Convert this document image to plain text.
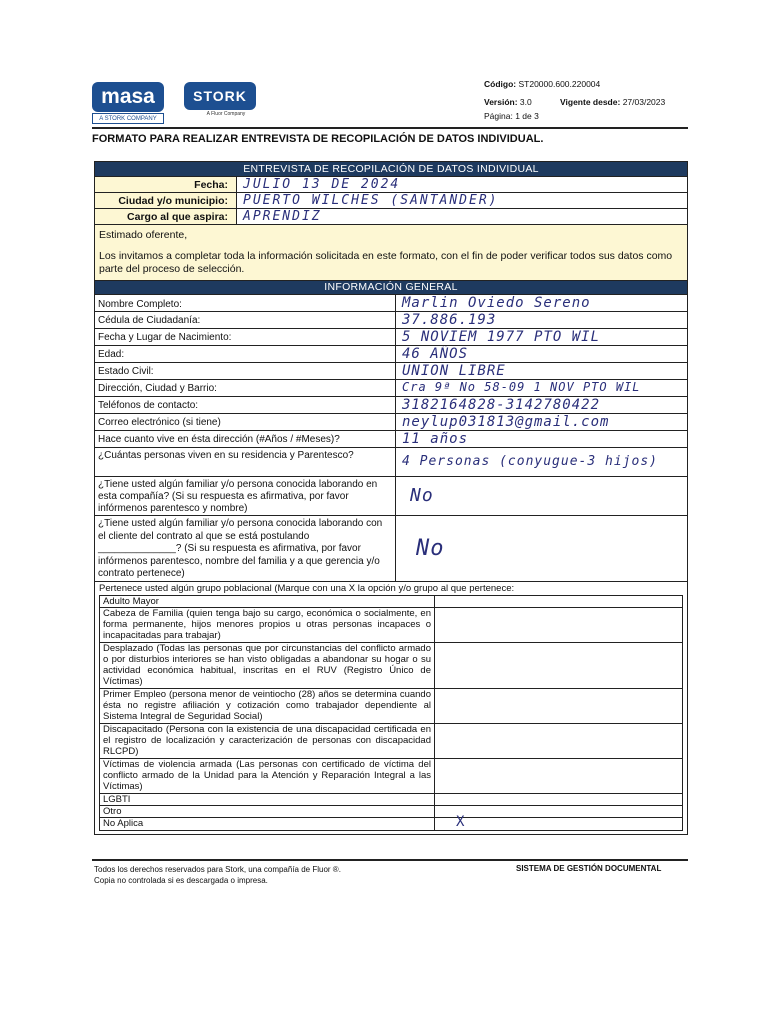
masa
A STORK COMPANY
STORK
A Fluor Company
Código: ST20000.600.220004
Versión: 3.0	Vigente desde: 27/03/2023
Página: 1 de 3
FORMATO PARA REALIZAR ENTREVISTA DE RECOPILACIÓN DE DATOS INDIVIDUAL.
ENTREVISTA DE RECOPILACIÓN DE DATOS INDIVIDUAL
Fecha:	JULIO 13 DE 2024
Ciudad y/o municipio:	PUERTO WILCHES (SANTANDER)
Cargo al que aspira:	APRENDIZ
Estimado oferente,
Los invitamos a completar toda la información solicitada en este formato, con el fin de poder verificar todos sus datos como parte del proceso de selección.
INFORMACIÓN GENERAL
Nombre Completo:	Marlin Oviedo Sereno
Cédula de Ciudadanía:	37.886.193
Fecha y Lugar de Nacimiento:	5 NOVIEM 1977 PTO WIL
Edad:	46 AÑOS
Estado Civil:	UNION LIBRE
Dirección, Ciudad y Barrio:	Cra 9ª No 58-09 1 NOV PTO WIL
Teléfonos de contacto:	3182164828-3142780422
Correo electrónico (si tiene)	neylup031813@gmail.com
Hace cuanto vive en ésta dirección (#Años / #Meses)?	11 años
¿Cuántas personas viven en su residencia y Parentesco?	4 Personas (conyugue-3 hijos)
¿Tiene usted algún familiar y/o persona conocida laborando en esta compañía? (Si su respuesta es afirmativa, por favor infórmenos parentesco y nombre)
No
¿Tiene usted algún familiar y/o persona conocida laborando con el cliente del contrato al que se está postulando ______________? (Si su respuesta es afirmativa, por favor infórmenos parentesco, nombre del familia y a que gerencia y/o contrato pertenece)
No
Pertenece usted algún grupo poblacional (Marque con una X la opción y/o grupo al que pertenece:
Adulto Mayor
Cabeza de Familia (quien tenga bajo su cargo, económica o socialmente, en forma permanente, hijos menores propios u otras personas incapaces o incapacitadas para trabajar)
Desplazado (Todas las personas que por circunstancias del conflicto armado o por disturbios interiores se han visto obligadas a abandonar su hogar o su actividad económica habitual, inscritas en el RUV (Registro Único de Víctimas)
Primer Empleo (persona menor de veintiocho (28) años se determina cuando ésta no registre afiliación y cotización como trabajador dependiente al Sistema Integral de Seguridad Social)
Discapacitado (Persona con la existencia de una discapacidad certificada en el registro de localización y caracterización de personas con discapacidad RLCPD)
Víctimas de violencia armada (Las personas con certificado de víctima del conflicto armado de la Unidad para la Atención y Reparación Integral a las Víctimas)
LGBTI
Otro
No Aplica	X
Todos los derechos reservados para Stork, una compañía de Fluor ®.
Copia no controlada si es descargada o impresa.
SISTEMA DE GESTIÓN DOCUMENTAL
